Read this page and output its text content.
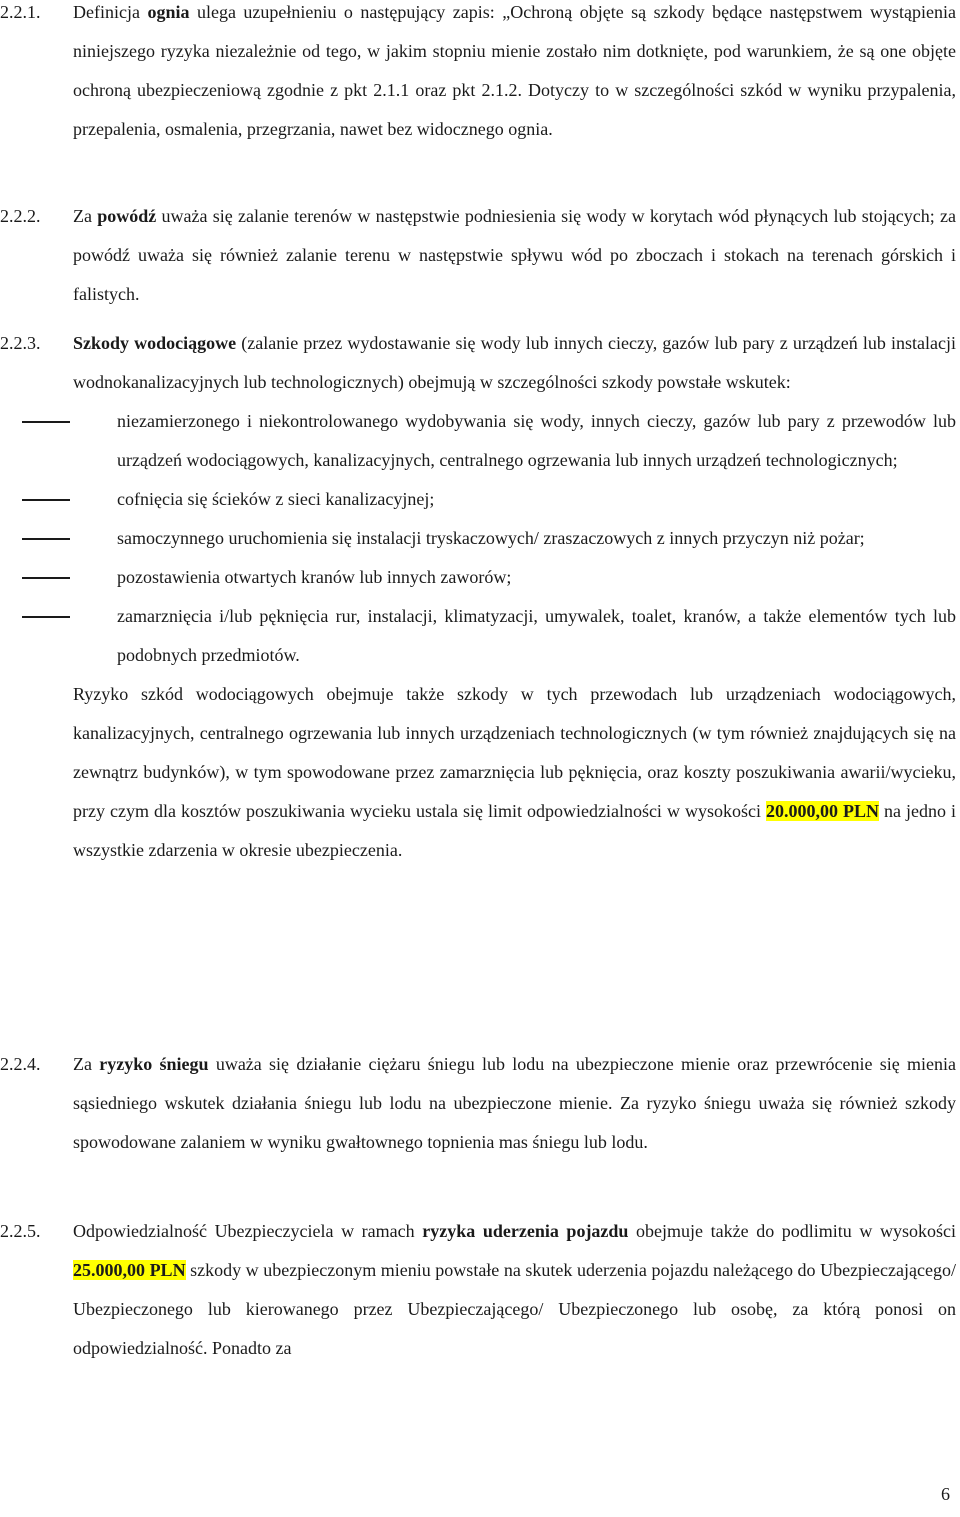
2.2.1. Definicja ognia ulega uzupełnieniu o następujący zapis: „Ochroną objęte są szkody będące następstwem wystąpienia niniejszego ryzyka niezależnie od tego, w jakim stopniu mienie zostało nim dotknięte, pod warunkiem, że są one objęte ochroną ubezpieczeniową zgodnie z pkt 2.1.1 oraz pkt 2.1.2. Dotyczy to w szczególności szkód w wyniku przypalenia, przepalenia, osmalenia, przegrzania, nawet bez widocznego ognia.
2.2.2. Za powódź uważa się zalanie terenów w następstwie podniesienia się wody w korytach wód płynących lub stojących; za powódź uważa się również zalanie terenu w następstwie spływu wód po zboczach i stokach na terenach górskich i falistych.
2.2.3. Szkody wodociągowe (zalanie przez wydostawanie się wody lub innych cieczy, gazów lub pary z urządzeń lub instalacji wodnokanalizacyjnych lub technologicznych) obejmują w szczególności szkody powstałe wskutek:
niezamierzonego i niekontrolowanego wydobywania się wody, innych cieczy, gazów lub pary z przewodów lub urządzeń wodociągowych, kanalizacyjnych, centralnego ogrzewania lub innych urządzeń technologicznych;
cofnięcia się ścieków z sieci kanalizacyjnej;
samoczynnego uruchomienia się instalacji tryskaczowych/ zraszaczowych z innych przyczyn niż pożar;
pozostawienia otwartych kranów lub innych zaworów;
zamarznięcia i/lub pęknięcia rur, instalacji, klimatyzacji, umywalek, toalet, kranów, a także elementów tych lub podobnych przedmiotów.
Ryzyko szkód wodociągowych obejmuje także szkody w tych przewodach lub urządzeniach wodociągowych, kanalizacyjnych, centralnego ogrzewania lub innych urządzeniach technologicznych (w tym również znajdujących się na zewnątrz budynków), w tym spowodowane przez zamarznięcia lub pęknięcia, oraz koszty poszukiwania awarii/wycieku, przy czym dla kosztów poszukiwania wycieku ustala się limit odpowiedzialności w wysokości 20.000,00 PLN na jedno i wszystkie zdarzenia w okresie ubezpieczenia.
2.2.4. Za ryzyko śniegu uważa się działanie ciężaru śniegu lub lodu na ubezpieczone mienie oraz przewrócenie się mienia sąsiedniego wskutek działania śniegu lub lodu na ubezpieczone mienie. Za ryzyko śniegu uważa się również szkody spowodowane zalaniem w wyniku gwałtownego topnienia mas śniegu lub lodu.
2.2.5. Odpowiedzialność Ubezpieczyciela w ramach ryzyka uderzenia pojazdu obejmuje także do podlimitu w wysokości 25.000,00 PLN szkody w ubezpieczonym mieniu powstałe na skutek uderzenia pojazdu należącego do Ubezpieczającego/ Ubezpieczonego lub kierowanego przez Ubezpieczającego/ Ubezpieczonego lub osobę, za którą ponosi on odpowiedzialność. Ponadto za
6
